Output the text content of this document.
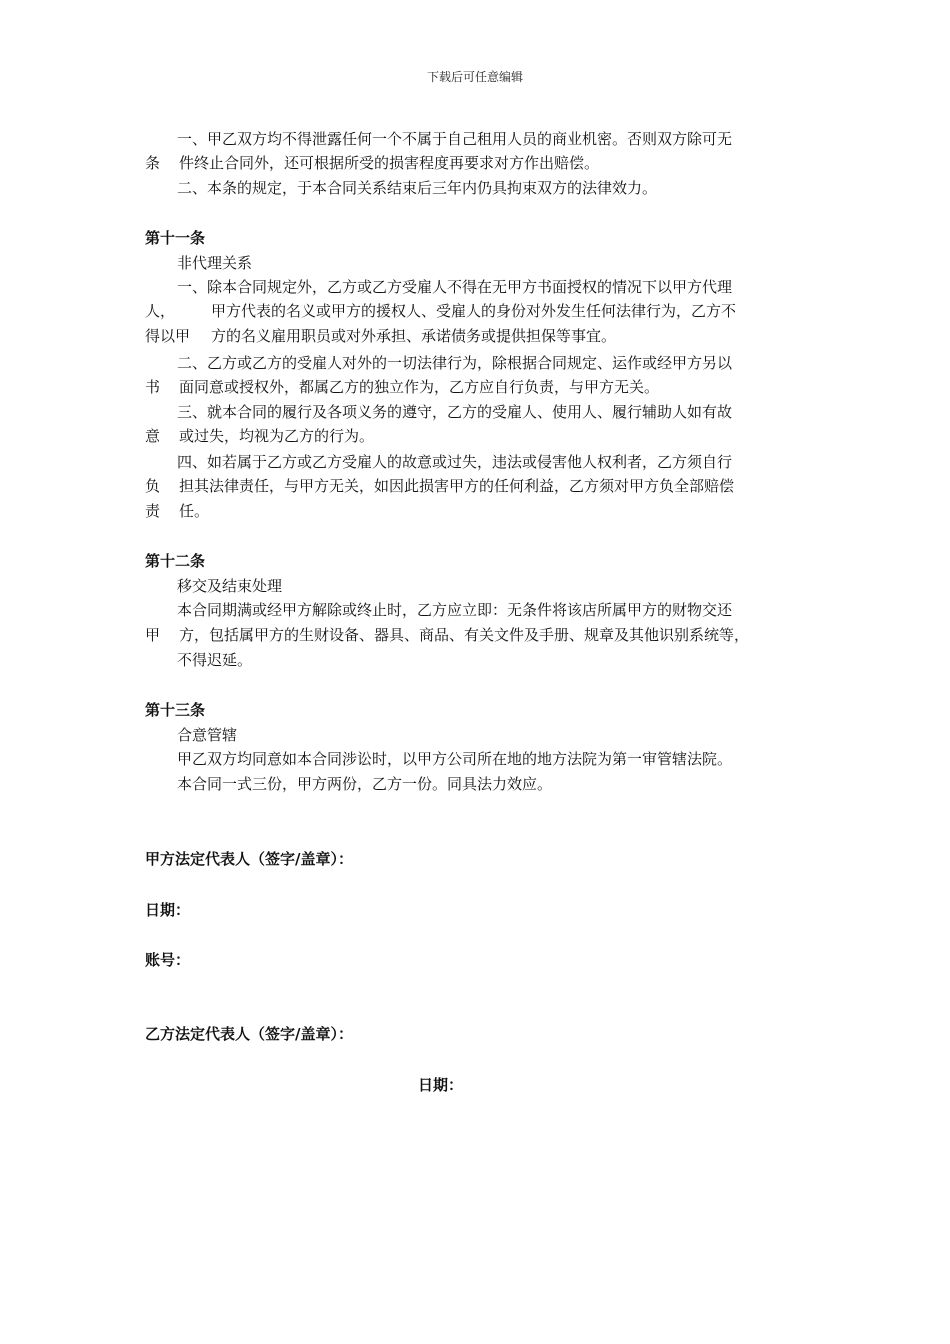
下载后可任意编辑
一、甲乙双方均不得泄露任何一个不属于自己租用人员的商业机密。否则双方除可无
条 件终止合同外，还可根据所受的损害程度再要求对方作出赔偿。
二、本条的规定，于本合同关系结束后三年内仍具拘束双方的法律效力。
第十一条
非代理关系
一、除本合同规定外，乙方或乙方受雇人不得在无甲方书面授权的情况下以甲方代理
人， 甲方代表的名义或甲方的援权人、受雇人的身份对外发生任何法律行为，乙方不
得以甲 方的名义雇用职员或对外承担、承诺债务或提供担保等事宜。
二、乙方或乙方的受雇人对外的一切法律行为，除根据合同规定、运作或经甲方另以
书 面同意或授权外，都属乙方的独立作为，乙方应自行负责，与甲方无关。
三、就本合同的履行及各项义务的遵守，乙方的受雇人、使用人、履行辅助人如有故
意 或过失，均视为乙方的行为。
四、如若属于乙方或乙方受雇人的故意或过失，违法或侵害他人权利者，乙方须自行
负 担其法律责任，与甲方无关，如因此损害甲方的任何利益，乙方须对甲方负全部赔偿
责 任。
第十二条
移交及结束处理
本合同期满或经甲方解除或终止时，乙方应立即：无条件将该店所属甲方的财物交还
甲 方，包括属甲方的生财设备、器具、商品、有关文件及手册、规章及其他识别系统等，
不得迟延。
第十三条
合意管辖
甲乙双方均同意如本合同涉讼时，以甲方公司所在地的地方法院为第一审管辖法院。
本合同一式三份，甲方两份，乙方一份。同具法力效应。
甲方法定代表人（签字/盖章）：
日期：
账号：
乙方法定代表人（签字/盖章）：
日期：
